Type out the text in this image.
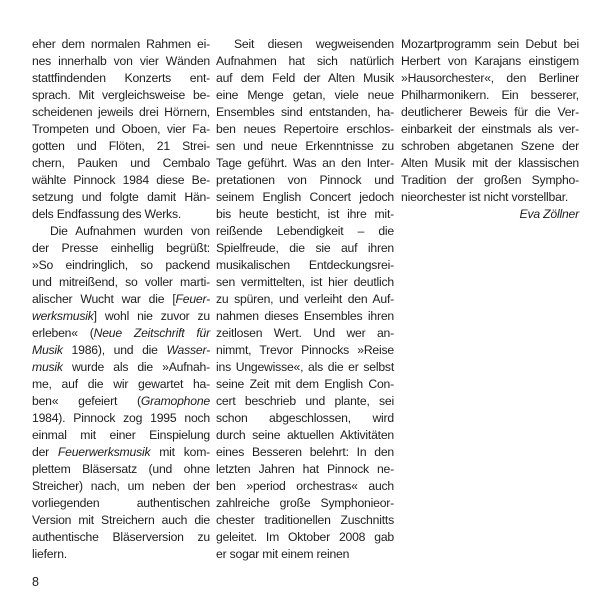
eher dem normalen Rahmen ei-
nes innerhalb von vier Wänden
stattfindenden Konzerts ent-
sprach. Mit vergleichsweise be-
scheidenen jeweils drei Hörnern,
Trompeten und Oboen, vier Fa-
gotten und Flöten, 21 Strei-
chern, Pauken und Cembalo
wählte Pinnock 1984 diese Be-
setzung und folgte damit Hän-
dels Endfassung des Werks.
Die Aufnahmen wurden von
der Presse einhellig begrüßt:
»So eindringlich, so packend
und mitreißend, so voller marti-
alischer Wucht war die [Feuer-
werksmusik] wohl nie zuvor zu
erleben« (Neue Zeitschrift für
Musik 1986), und die Wasser-
musik wurde als die »Aufnah-
me, auf die wir gewartet ha-
ben« gefeiert (Gramophone
1984). Pinnock zog 1995 noch
einmal mit einer Einspielung
der Feuerwerksmusik mit kom-
plettem Bläsersatz (und ohne
Streicher) nach, um neben der
vorliegenden authentischen
Version mit Streichern auch die
authentische Bläserversion zu
liefern.
Seit diesen wegweisenden
Aufnahmen hat sich natürlich
auf dem Feld der Alten Musik
eine Menge getan, viele neue
Ensembles sind entstanden, ha-
ben neues Repertoire erschlos-
sen und neue Erkenntnisse zu
Tage geführt. Was an den Inter-
pretationen von Pinnock und
seinem English Concert jedoch
bis heute besticht, ist ihre mit-
reißende Lebendigkeit – die
Spielfreude, die sie auf ihren
musikalischen Entdeckungsrei-
sen vermittelten, ist hier deutlich
zu spüren, und verleiht den Auf-
nahmen dieses Ensembles ihren
zeitlosen Wert. Und wer an-
nimmt, Trevor Pinnocks »Reise
ins Ungewisse«, als die er selbst
seine Zeit mit dem English Con-
cert beschrieb und plante, sei
schon abgeschlossen, wird
durch seine aktuellen Aktivitäten
eines Besseren belehrt: In den
letzten Jahren hat Pinnock ne-
ben »period orchestras« auch
zahlreiche große Symphonieor-
chester traditionellen Zuschnitts
geleitet. Im Oktober 2008 gab
er sogar mit einem reinen
Mozartprogramm sein Debut bei
Herbert von Karajans einstigem
»Hausorchester«, den Berliner
Philharmonikern. Ein besserer,
deutlicherer Beweis für die Ver-
einbarkeit der einstmals als ver-
schroben abgetanen Szene der
Alten Musik mit der klassischen
Tradition der großen Sympho-
nieorchester ist nicht vorstellbar.
Eva Zöllner
8
